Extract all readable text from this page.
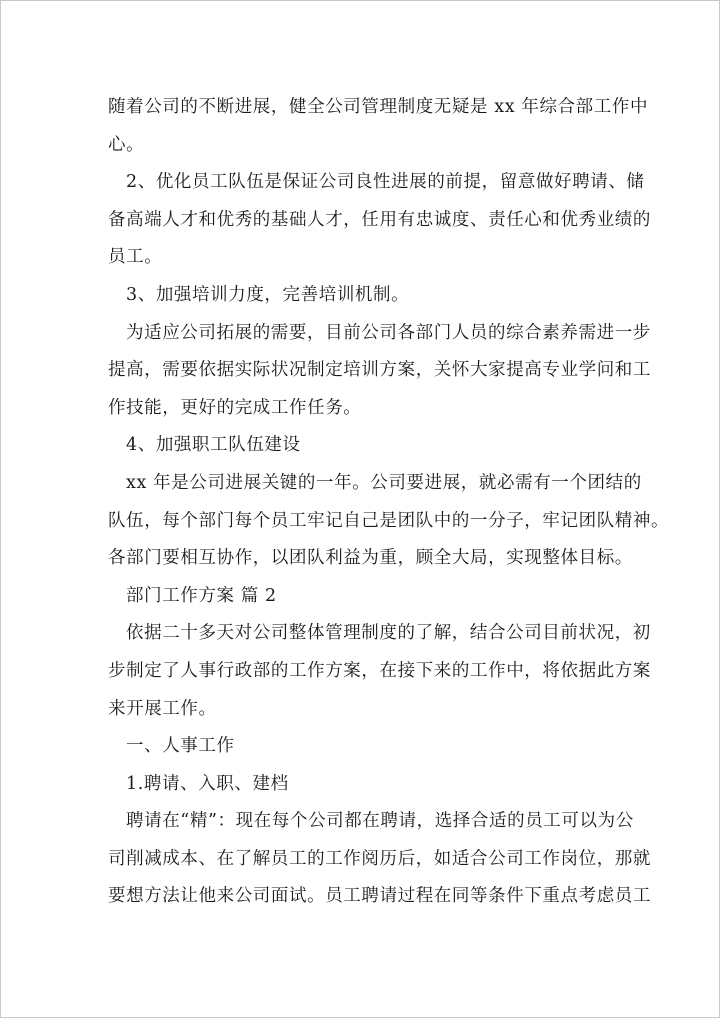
随着公司的不断进展，健全公司管理制度无疑是 xx 年综合部工作中
心。
2、优化员工队伍是保证公司良性进展的前提，留意做好聘请、储
备高端人才和优秀的基础人才，任用有忠诚度、责任心和优秀业绩的
员工。
3、加强培训力度，完善培训机制。
为适应公司拓展的需要，目前公司各部门人员的综合素养需进一步
提高，需要依据实际状况制定培训方案，关怀大家提高专业学问和工
作技能，更好的完成工作任务。
4、加强职工队伍建设
xx 年是公司进展关键的一年。公司要进展，就必需有一个团结的
队伍，每个部门每个员工牢记自己是团队中的一分子，牢记团队精神。
各部门要相互协作，以团队利益为重，顾全大局，实现整体目标。
部门工作方案 篇 2
依据二十多天对公司整体管理制度的了解，结合公司目前状况，初
步制定了人事行政部的工作方案，在接下来的工作中，将依据此方案
来开展工作。
一、人事工作
1.聘请、入职、建档
聘请在“精”：现在每个公司都在聘请，选择合适的员工可以为公
司削减成本、在了解员工的工作阅历后，如适合公司工作岗位，那就
要想方法让他来公司面试。员工聘请过程在同等条件下重点考虑员工
